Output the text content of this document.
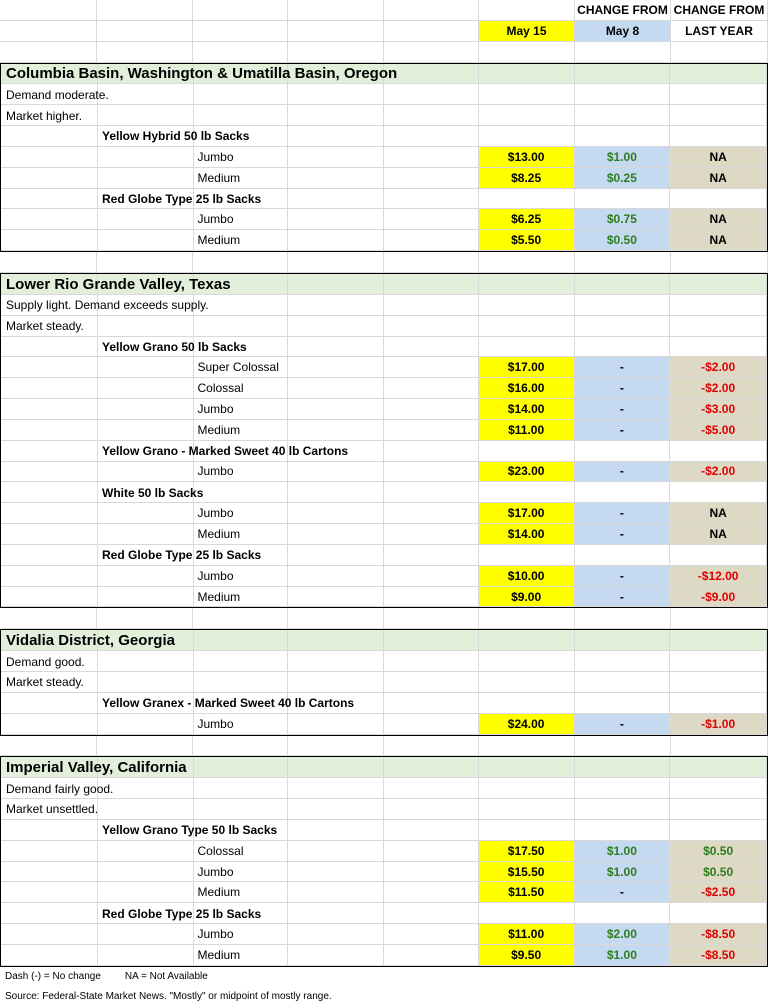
CHANGE FROM CHANGE FROM
May 15	May 8	LAST YEAR
Columbia Basin, Washington & Umatilla Basin, Oregon
Demand moderate.
Market higher.
Yellow Hybrid 50 lb Sacks
Jumbo	$13.00	$1.00	NA
Medium	$8.25	$0.25	NA
Red Globe Type 25 lb Sacks
Jumbo	$6.25	$0.75	NA
Medium	$5.50	$0.50	NA
Lower Rio Grande Valley, Texas
Supply light. Demand exceeds supply.
Market steady.
Yellow Grano 50 lb Sacks
Super Colossal	$17.00	-	-$2.00
Colossal	$16.00	-	-$2.00
Jumbo	$14.00	-	-$3.00
Medium	$11.00	-	-$5.00
Yellow Grano - Marked Sweet 40 lb Cartons
Jumbo	$23.00	-	-$2.00
White 50 lb Sacks
Jumbo	$17.00	-	NA
Medium	$14.00	-	NA
Red Globe Type 25 lb Sacks
Jumbo	$10.00	-	-$12.00
Medium	$9.00	-	-$9.00
Vidalia District, Georgia
Demand good.
Market steady.
Yellow Granex - Marked Sweet 40 lb Cartons
Jumbo	$24.00	-	-$1.00
Imperial Valley, California
Demand fairly good.
Market unsettled.
Yellow Grano Type 50 lb Sacks
Colossal	$17.50	$1.00	$0.50
Jumbo	$15.50	$1.00	$0.50
Medium	$11.50	-	-$2.50
Red Globe Type 25 lb Sacks
Jumbo	$11.00	$2.00	-$8.50
Medium	$9.50	$1.00	-$8.50
Dash (-) = No change NA = Not Available
Source: Federal-State Market News. "Mostly" or midpoint of mostly range.
